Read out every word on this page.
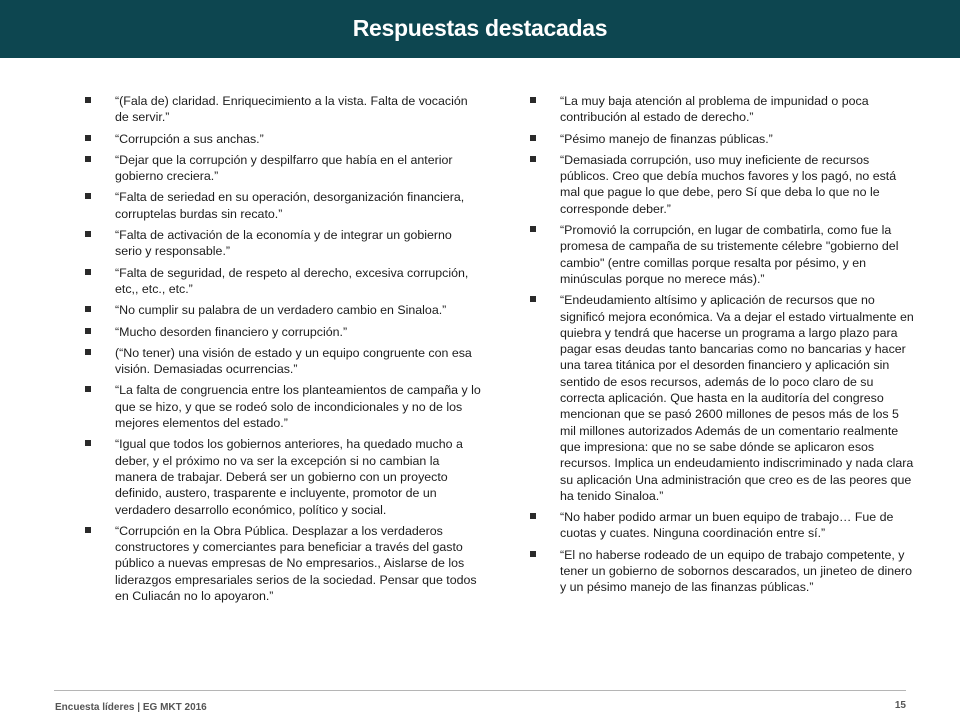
Respuestas destacadas
“(Fala de) claridad. Enriquecimiento a la vista. Falta de vocación de servir.”
“Corrupción a sus anchas.”
“Dejar que la corrupción y despilfarro que había en el anterior gobierno creciera.”
“Falta de seriedad en su operación, desorganización financiera, corruptelas burdas sin recato.”
“Falta de activación de la economía y de integrar un gobierno serio y responsable.”
“Falta de seguridad, de respeto al derecho, excesiva corrupción, etc,, etc., etc.”
“No cumplir su palabra de un verdadero cambio en Sinaloa.”
“Mucho desorden financiero y corrupción.”
(“No tener) una visión de estado y un equipo congruente con esa visión. Demasiadas ocurrencias.”
“La falta de congruencia entre los planteamientos de campaña y lo que se hizo, y que se rodeó solo de incondicionales y no de los mejores elementos del estado.”
“Igual que todos los gobiernos anteriores, ha quedado mucho a deber, y el próximo no va ser la excepción si no cambian la manera de trabajar. Deberá ser un gobierno con un proyecto definido, austero, trasparente e incluyente, promotor de un verdadero desarrollo económico, político y social.
“Corrupción en la Obra Pública. Desplazar a los verdaderos constructores y comerciantes para beneficiar a través del gasto público a nuevas empresas de No empresarios., Aislarse de los liderazgos empresariales serios de la sociedad. Pensar que todos en Culiacán no lo apoyaron.”
“La muy baja atención al problema de impunidad o poca contribución al estado de derecho.”
“Pésimo manejo de finanzas públicas.”
“Demasiada corrupción, uso muy ineficiente de recursos públicos. Creo que debía muchos favores y los pagó, no está mal que pague lo que debe, pero Sí que deba lo que no le corresponde deber.”
“Promovió la corrupción, en lugar de combatirla, como fue la promesa de campaña de su tristemente célebre "gobierno del cambio" (entre comillas porque resalta por pésimo, y en minúsculas porque no merece más).”
“Endeudamiento altísimo y aplicación de recursos que no significó mejora económica. Va a dejar el estado virtualmente en quiebra y tendrá que hacerse un programa a largo plazo para pagar esas deudas tanto bancarias como no bancarias y hacer una tarea titánica por el desorden financiero y aplicación sin sentido de esos recursos, además de lo poco claro de su correcta aplicación. Que hasta en la auditoría del congreso mencionan que se pasó 2600 millones de pesos más de los 5 mil millones autorizados Además de un comentario realmente que impresiona: que no se sabe dónde se aplicaron esos recursos. Implica un endeudamiento indiscriminado y nada clara su aplicación Una administración que creo es de las peores que ha tenido Sinaloa.”
“No haber podido armar un buen equipo de trabajo… Fue de cuotas y cuates. Ninguna coordinación entre sí.”
“El no haberse rodeado de un equipo de trabajo competente, y tener un gobierno de sobornos descarados, un jineteo de dinero y un pésimo manejo de las finanzas públicas.”
Encuesta líderes | EG MKT 2016	15
